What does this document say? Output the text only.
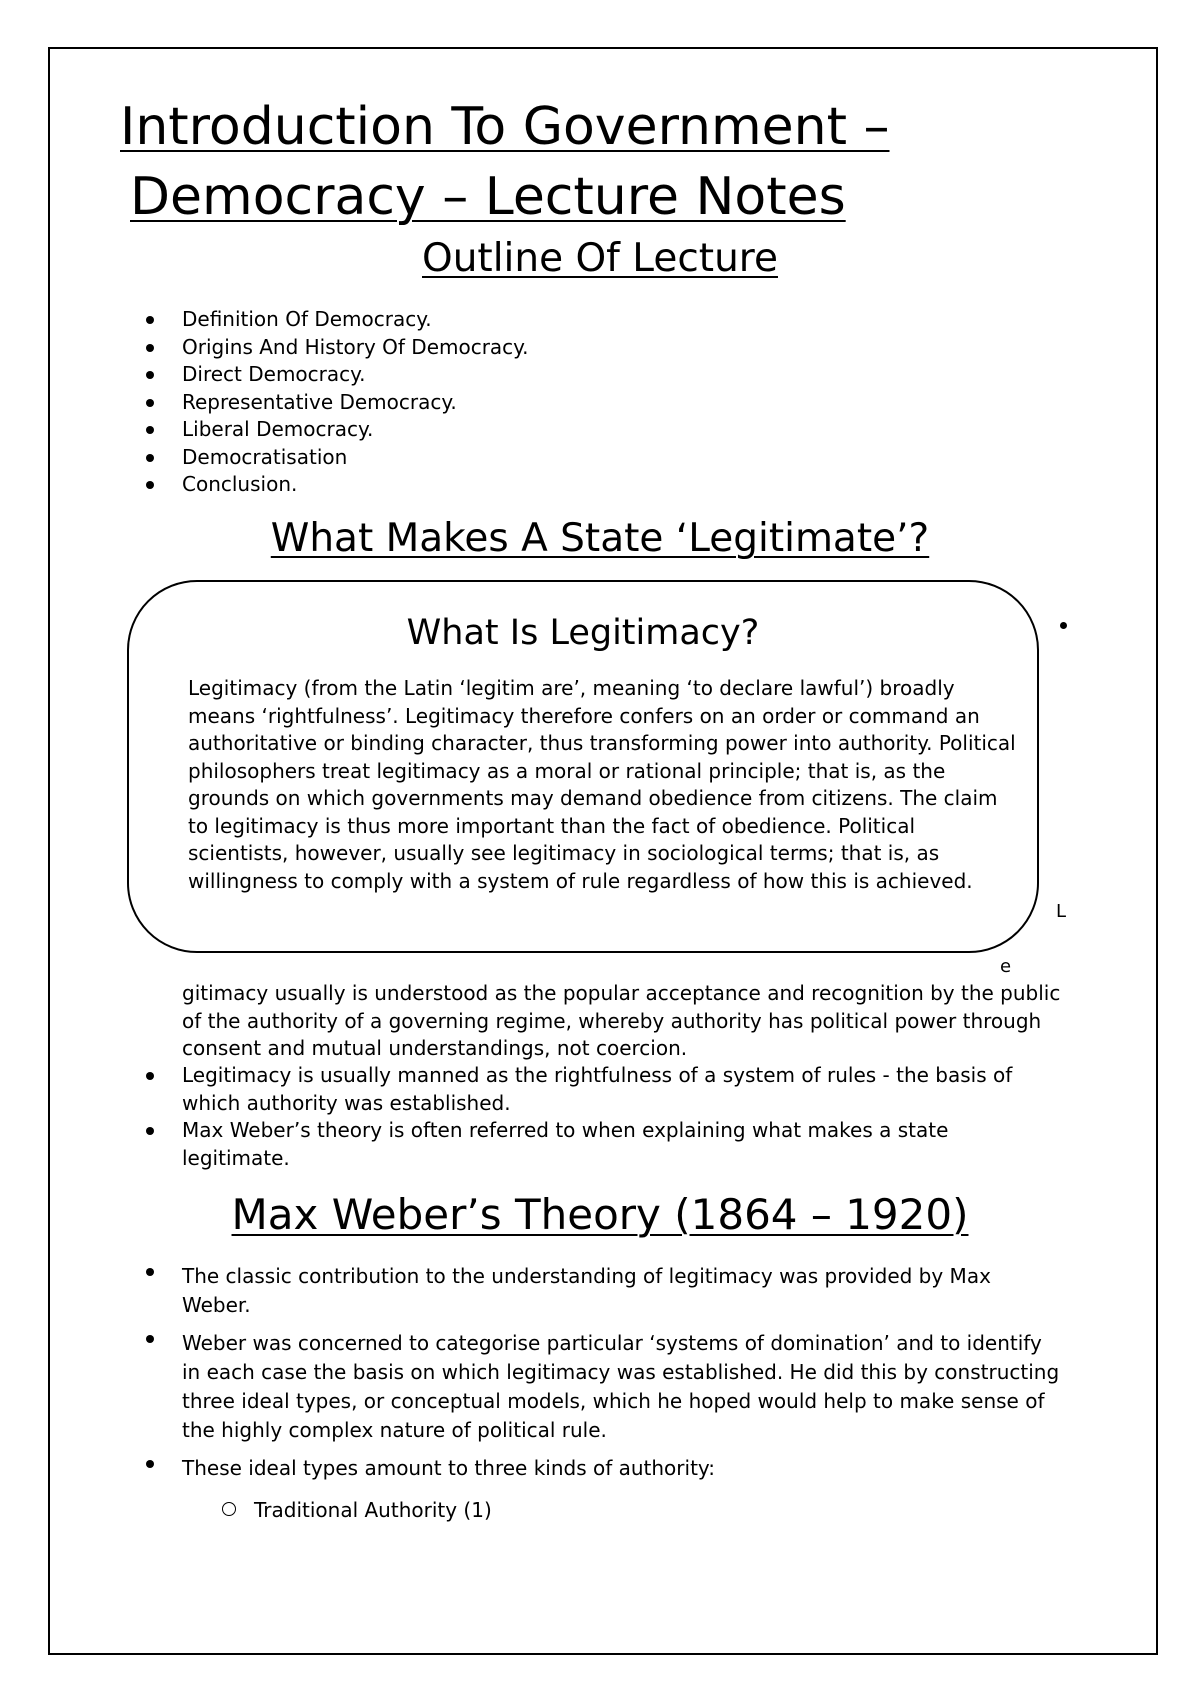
Introduction To Government –
Democracy – Lecture Notes
Outline Of Lecture
Definition Of Democracy.
Origins And History Of Democracy.
Direct Democracy.
Representative Democracy.
Liberal Democracy.
Democratisation
Conclusion.
What Makes A State ‘Legitimate’?
What Is Legitimacy?
Legitimacy (from the Latin ‘legitim are’, meaning ‘to declare lawful’) broadly means ‘rightfulness’. Legitimacy therefore confers on an order or command an authoritative or binding character, thus transforming power into authority. Political philosophers treat legitimacy as a moral or rational principle; that is, as the grounds on which governments may demand obedience from citizens. The claim to legitimacy is thus more important than the fact of obedience. Political scientists, however, usually see legitimacy in sociological terms; that is, as willingness to comply with a system of rule regardless of how this is achieved.
L
e
gitimacy usually is understood as the popular acceptance and recognition by the public of the authority of a governing regime, whereby authority has political power through consent and mutual understandings, not coercion.
Legitimacy is usually manned as the rightfulness of a system of rules - the basis of which authority was established.
Max Weber’s theory is often referred to when explaining what makes a state legitimate.
Max Weber’s Theory (1864 – 1920)
The classic contribution to the understanding of legitimacy was provided by Max Weber.
Weber was concerned to categorise particular ‘systems of domination’ and to identify in each case the basis on which legitimacy was established. He did this by constructing three ideal types, or conceptual models, which he hoped would help to make sense of the highly complex nature of political rule.
These ideal types amount to three kinds of authority:
Traditional Authority (1)
